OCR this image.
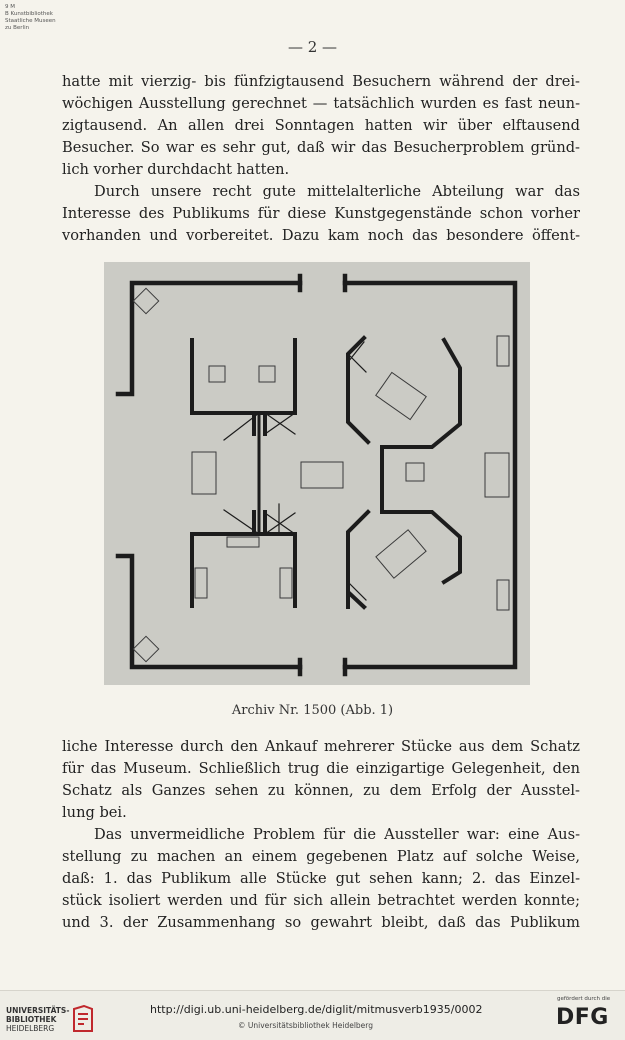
9 M
B Kunstbibliothek
Staatliche Museen
zu Berlin
— 2 —

hatte mit vierzig- bis fünfzigtausend Besuchern während der drei-
wöchigen Ausstellung gerechnet — tatsächlich wurden es fast neun-
zigtausend. An allen drei Sonntagen hatten wir über elftausend
Besucher. So war es sehr gut, daß wir das Besucherproblem gründ-
lich vorher durchdacht hatten.

Durch unsere recht gute mittelalterliche Abteilung war das
Interesse des Publikums für diese Kunstgegenstände schon vorher
vorhanden und vorbereitet. Dazu kam noch das besondere öffent-

Archiv Nr. 1500 (Abb. 1)

liche Interesse durch den Ankauf mehrerer Stücke aus dem Schatz
für das Museum. Schließlich trug die einzigartige Gelegenheit, den
Schatz als Ganzes sehen zu können, zu dem Erfolg der Ausstel-
lung bei.

Das unvermeidliche Problem für die Aussteller war: eine Aus-
stellung zu machen an einem gegebenen Platz auf solche Weise,
daß: 1. das Publikum alle Stücke gut sehen kann; 2. das Einzel-
stück isoliert werden und für sich allein betrachtet werden konnte;
und 3. der Zusammenhang so gewahrt bleibt, daß das Publikum

UNIVERSITÄTS-
BIBLIOTHEK
HEIDELBERG
http://digi.ub.uni-heidelberg.de/diglit/mitmusverb1935/0002
© Universitätsbibliothek Heidelberg
gefördert durch die
DFG
